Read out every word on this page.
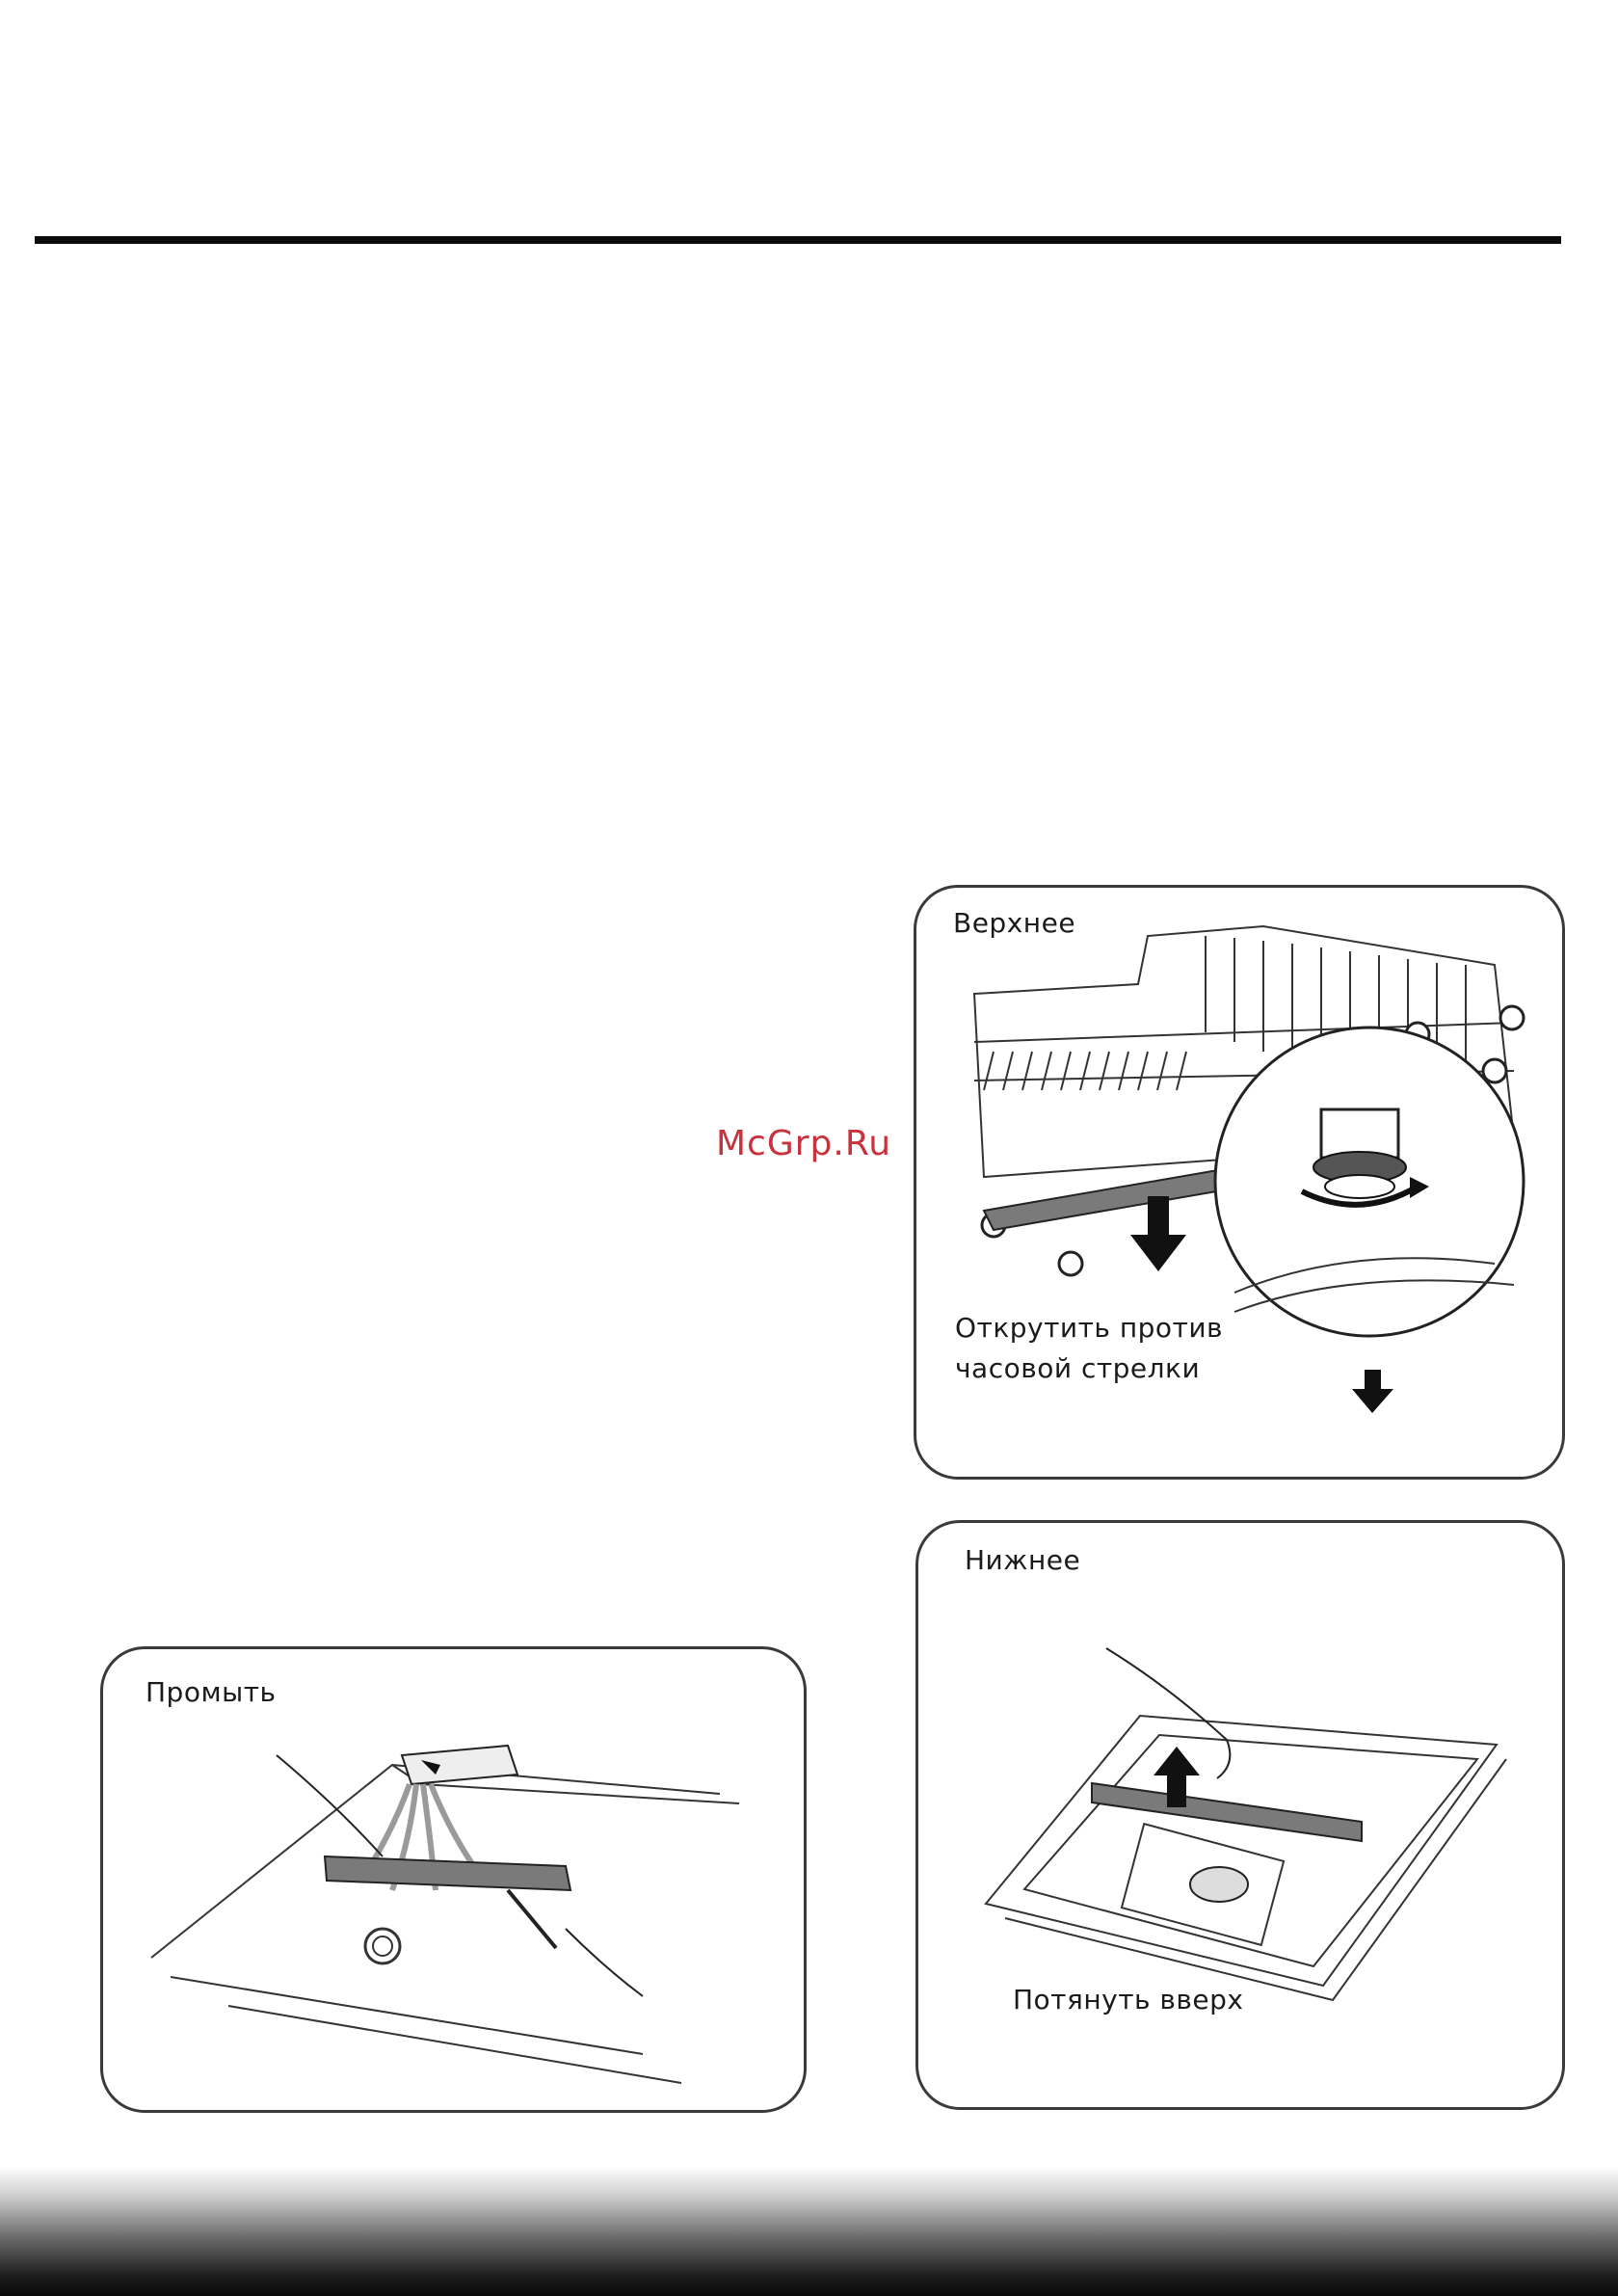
McGrp.Ru
Верхнее
Открутить против
часовой стрелки
Нижнее
Потянуть вверх
Промыть
